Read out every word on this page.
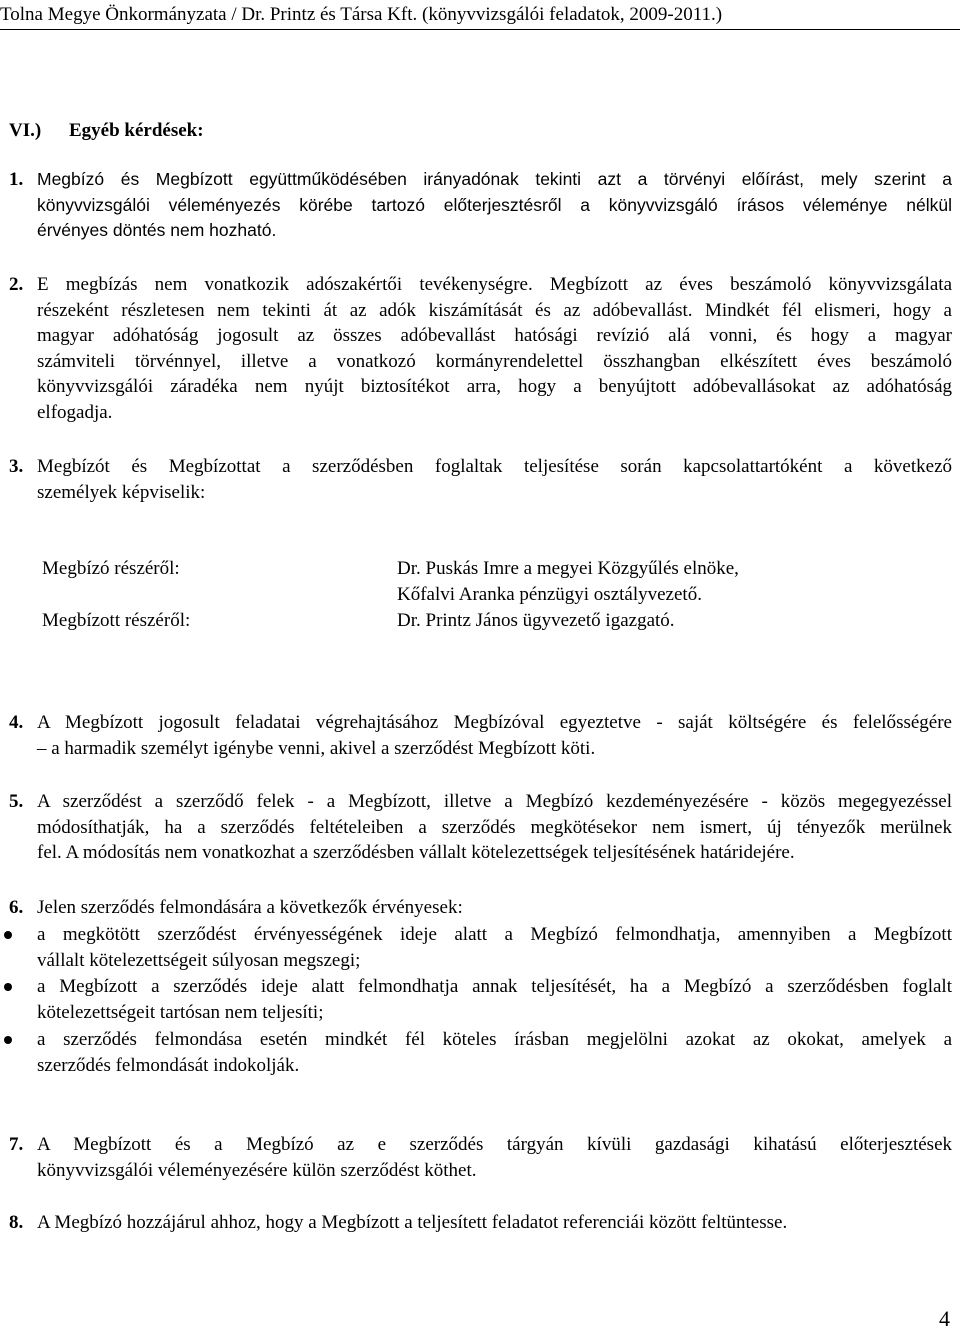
Tolna Megye Önkormányzata / Dr. Printz és Társa Kft. (könyvvizsgálói feladatok, 2009-2011.)
VI.) Egyéb kérdések:
1. Megbízó és Megbízott együttműködésében irányadónak tekinti azt a törvényi előírást, mely szerint a
könyvvizsgálói véleményezés körébe tartozó előterjesztésről a könyvvizsgáló írásos véleménye nélkül
érvényes döntés nem hozható.
2. E megbízás nem vonatkozik adószakértői tevékenységre. Megbízott az éves beszámoló könyvvizsgálata
részeként részletesen nem tekinti át az adók kiszámítását és az adóbevallást. Mindkét fél elismeri, hogy a
magyar adóhatóság jogosult az összes adóbevallást hatósági revízió alá vonni, és hogy a magyar
számviteli törvénnyel, illetve a vonatkozó kormányrendelettel összhangban elkészített éves beszámoló
könyvvizsgálói záradéka nem nyújt biztosítékot arra, hogy a benyújtott adóbevallásokat az adóhatóság
elfogadja.
3. Megbízót és Megbízottat a szerződésben foglaltak teljesítése során kapcsolattartóként a következő
személyek képviselik:
Megbízó részéről:	Dr. Puskás Imre a megyei Közgyűlés elnöke,
Kőfalvi Aranka pénzügyi osztályvezető.
Megbízott részéről:	Dr. Printz János ügyvezető igazgató.
4. A Megbízott jogosult feladatai végrehajtásához Megbízóval egyeztetve - saját költségére és felelősségére
– a harmadik személyt igénybe venni, akivel a szerződést Megbízott köti.
5. A szerződést a szerződő felek - a Megbízott, illetve a Megbízó kezdeményezésére - közös megegyezéssel
módosíthatják, ha a szerződés feltételeiben a szerződés megkötésekor nem ismert, új tényezők merülnek
fel. A módosítás nem vonatkozhat a szerződésben vállalt kötelezettségek teljesítésének határidejére.
6. Jelen szerződés felmondására a következők érvényesek:
a megkötött szerződést érvényességének ideje alatt a Megbízó felmondhatja, amennyiben a Megbízott
vállalt kötelezettségeit súlyosan megszegi;
a Megbízott a szerződés ideje alatt felmondhatja annak teljesítését, ha a Megbízó a szerződésben foglalt
kötelezettségeit tartósan nem teljesíti;
a szerződés felmondása esetén mindkét fél köteles írásban megjelölni azokat az okokat, amelyek a
szerződés felmondását indokolják.
7. A Megbízott és a Megbízó az e szerződés tárgyán kívüli gazdasági kihatású előterjesztések
könyvvizsgálói véleményezésére külön szerződést köthet.
8. A Megbízó hozzájárul ahhoz, hogy a Megbízott a teljesített feladatot referenciái között feltüntesse.
4
